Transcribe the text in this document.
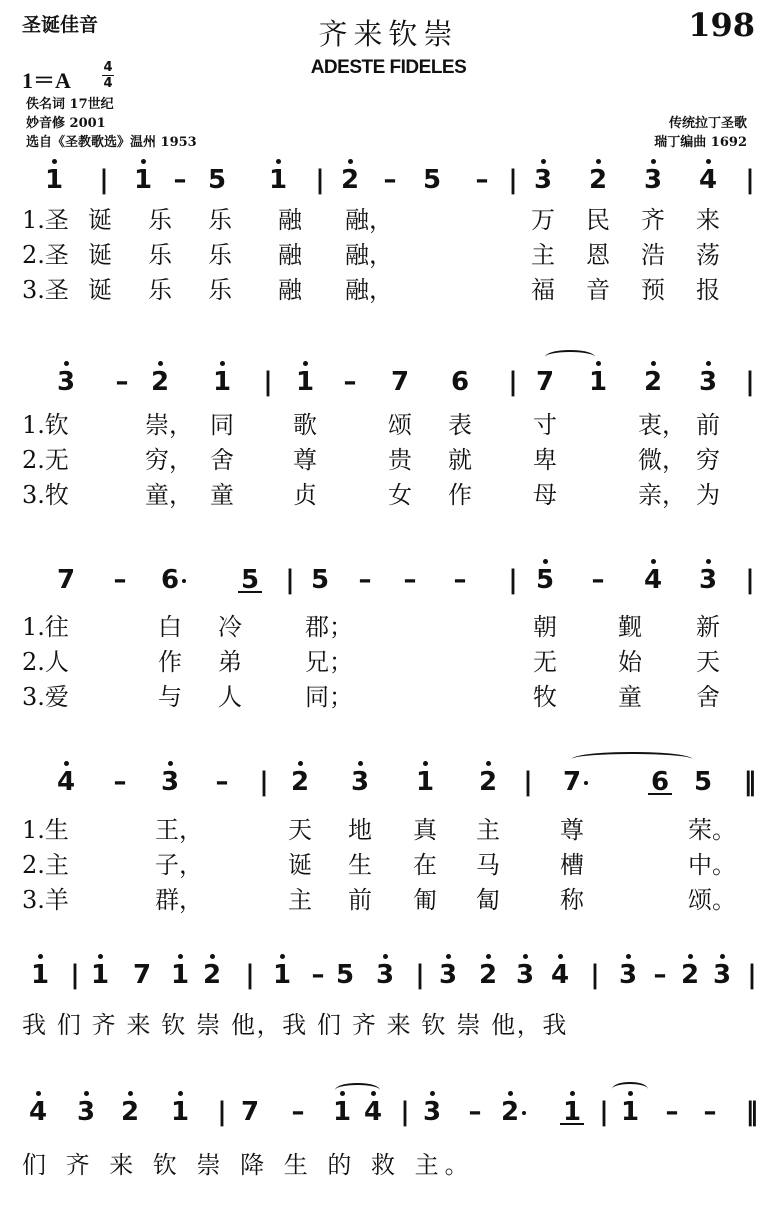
圣诞佳音	齐来钦崇
ADESTE FIDELES
198
1＝A
4
4
佚名词 17世纪
妙音修 2001
选自《圣教歌选》温州 1953
传统拉丁圣歌
瑞丁编曲 1692
1	| 1 – 5	1	| 2 –	5	– | 3	2	3	4	|
1.圣 诞 乐 乐 融 融，	万 民 齐 来
2.圣 诞 乐 乐 融 融，	主 恩 浩 荡
3.圣 诞 乐 乐 融 融，	福 音 预 报
3	– 2	1	| 1	–	7	6	| 7	1	2	3	|
1.钦	崇， 同 歌	颂 表	寸	衷， 前
2.无	穷， 舍 尊	贵 就	卑	微， 穷
3.牧	童， 童 贞	女 作	母	亲， 为
7	–	6	5	| 5	–	–	–	| 5	–	4	3	|
1.往	白 冷	郡；	朝	觐 新
2.人	作 弟	兄；	无	始 天
3.爱	与 人	同；	牧	童 舍
4	–	3	–	| 2	3	1	2	|	7	6 5	‖
1.生	王，	天 地 真 主	尊	荣。
2.主	子，	诞 生 在 马	槽	中。
3.羊	群，	主 前 匍 匐	称	颂。
1 | 1 7 1 2 | 1 – 5 3 | 3 2 3 4 | 3 – 2 3 |
我 们 齐 来 钦 崇 他，我 们 齐 来 钦 崇 他，我
4	3 2	1	| 7	–	1 4 | 3	– 2	1 | 1	– –	‖
们 齐 来 钦 崇 降 生 的 救 主。
